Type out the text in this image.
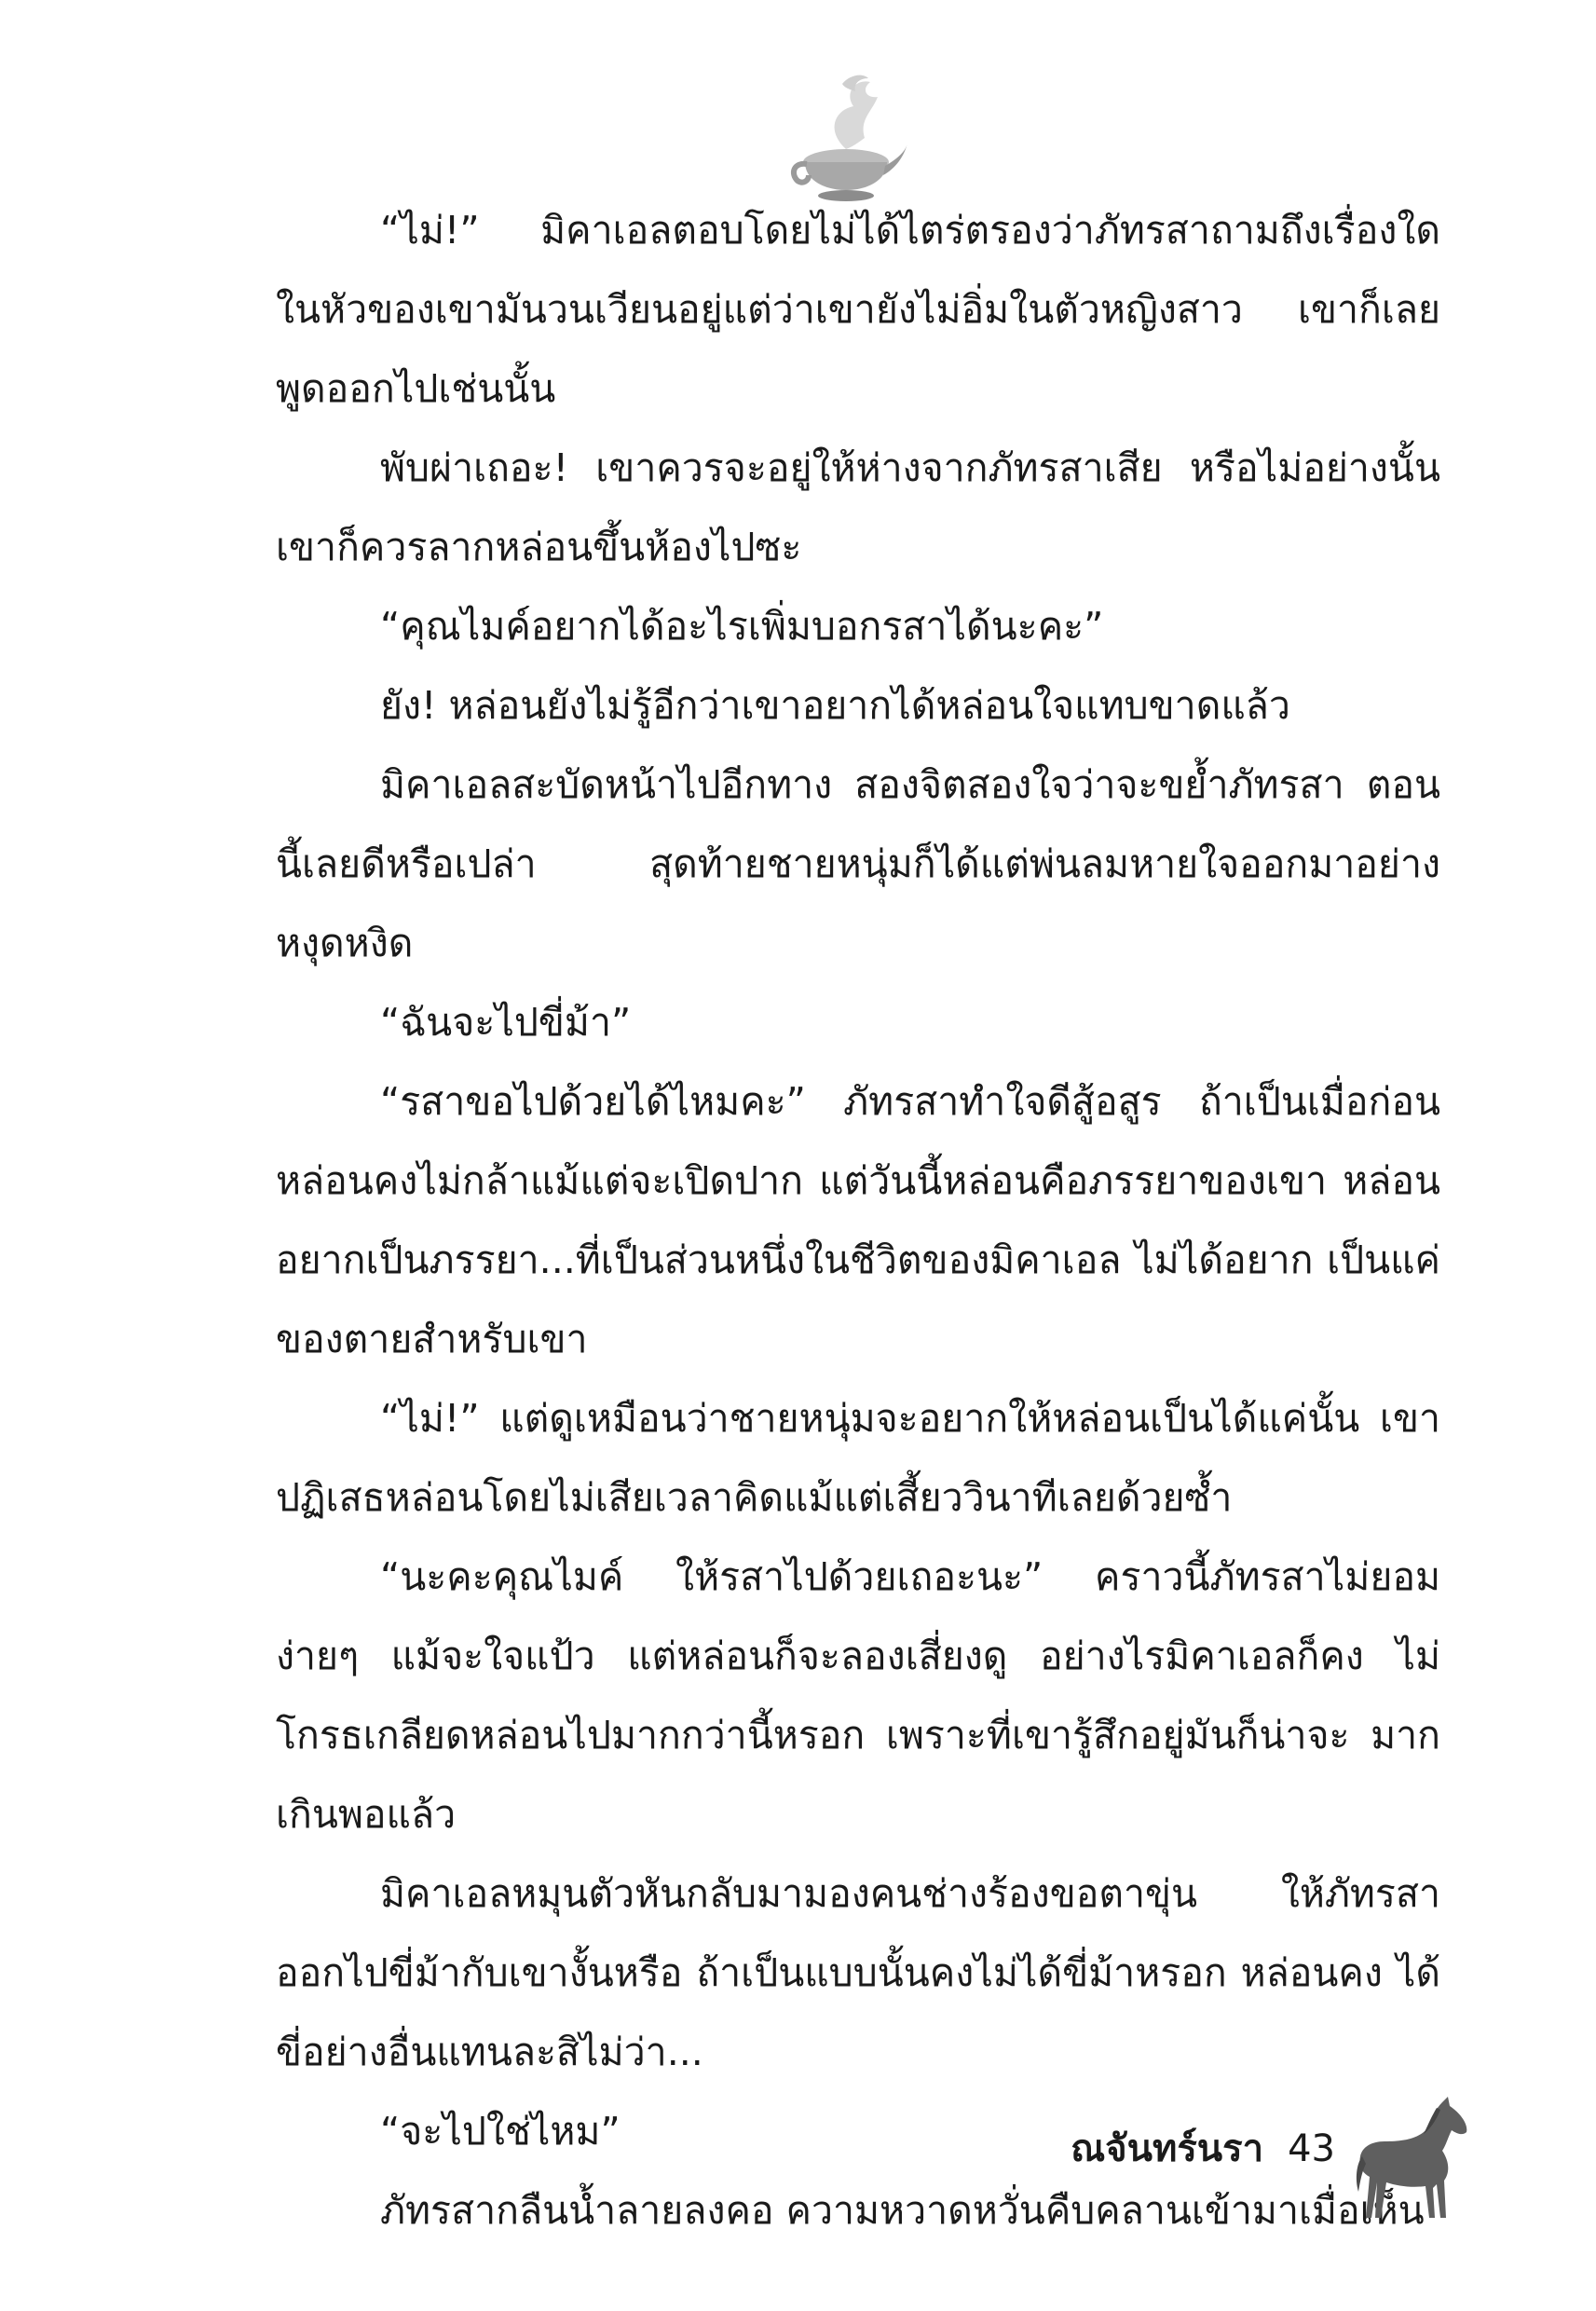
“ไม่!” มิคาเอลตอบโดยไม่ได้ไตร่ตรองว่าภัทรสาถามถึงเรื่องใด ในหัวของเขามันวนเวียนอยู่แต่ว่าเขายังไม่อิ่มในตัวหญิงสาว เขาก็เลยพูดออกไปเช่นนั้น

พับผ่าเถอะ! เขาควรจะอยู่ให้ห่างจากภัทรสาเสีย หรือไม่อย่างนั้น เขาก็ควรลากหล่อนขึ้นห้องไปซะ

“คุณไมค์อยากได้อะไรเพิ่มบอกรสาได้นะคะ”

ยัง! หล่อนยังไม่รู้อีกว่าเขาอยากได้หล่อนใจแทบขาดแล้ว

มิคาเอลสะบัดหน้าไปอีกทาง สองจิตสองใจว่าจะขย้ำภัทรสา ตอนนี้เลยดีหรือเปล่า สุดท้ายชายหนุ่มก็ได้แต่พ่นลมหายใจออกมาอย่างหงุดหงิด

“ฉันจะไปขี่ม้า”

“รสาขอไปด้วยได้ไหมคะ” ภัทรสาทำใจดีสู้อสูร ถ้าเป็นเมื่อก่อน หล่อนคงไม่กล้าแม้แต่จะเปิดปาก แต่วันนี้หล่อนคือภรรยาของเขา หล่อนอยากเป็นภรรยา...ที่เป็นส่วนหนึ่งในชีวิตของมิคาเอล ไม่ได้อยาก เป็นแค่ของตายสำหรับเขา

“ไม่!” แต่ดูเหมือนว่าชายหนุ่มจะอยากให้หล่อนเป็นได้แค่นั้น เขาปฏิเสธหล่อนโดยไม่เสียเวลาคิดแม้แต่เสี้ยววินาทีเลยด้วยซ้ำ

“นะคะคุณไมค์ ให้รสาไปด้วยเถอะนะ” คราวนี้ภัทรสาไม่ยอม ง่ายๆ แม้จะใจแป้ว แต่หล่อนก็จะลองเสี่ยงดู อย่างไรมิคาเอลก็คง ไม่โกรธเกลียดหล่อนไปมากกว่านี้หรอก เพราะที่เขารู้สึกอยู่มันก็น่าจะ มากเกินพอแล้ว

มิคาเอลหมุนตัวหันกลับมามองคนช่างร้องขอตาขุ่น ให้ภัทรสา ออกไปขี่ม้ากับเขางั้นหรือ ถ้าเป็นแบบนั้นคงไม่ได้ขี่ม้าหรอก หล่อนคง ได้ขี่อย่างอื่นแทนละสิไม่ว่า...

“จะไปใช่ไหม”

ภัทรสากลืนน้ำลายลงคอ ความหวาดหวั่นคืบคลานเข้ามาเมื่อเห็น

ณจันทร์นรา 43
